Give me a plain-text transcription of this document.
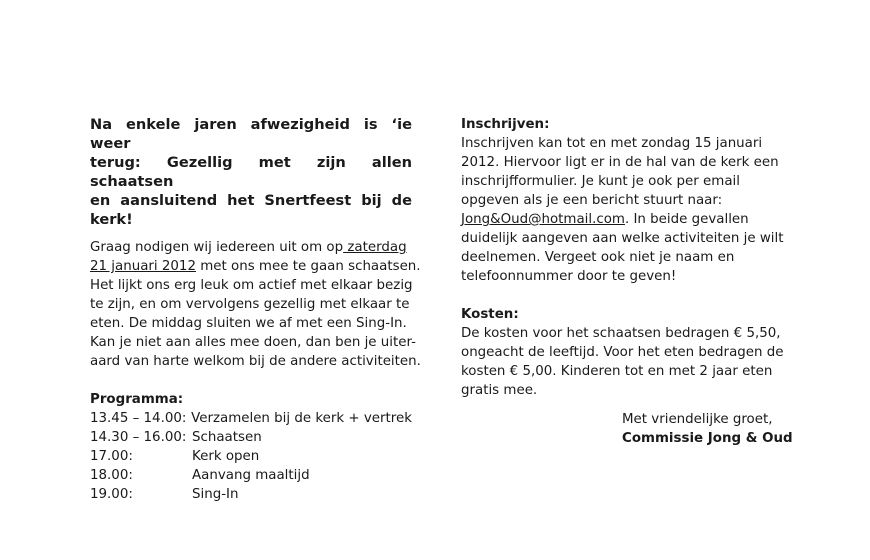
Na enkele jaren afwezigheid is ‘ie weer
terug: Gezellig met zijn allen schaatsen
en aansluitend het Snertfeest bij de kerk!
Graag nodigen wij iedereen uit om op zaterdag
21 januari 2012 met ons mee te gaan schaatsen.
Het lijkt ons erg leuk om actief met elkaar bezig
te zijn, en om vervolgens gezellig met elkaar te
eten. De middag sluiten we af met een Sing-In.
Kan je niet aan alles mee doen, dan ben je uiter-
aard van harte welkom bij de andere activiteiten.
Programma:
13.45 – 14.00: Verzamelen bij de kerk + vertrek
14.30 – 16.00: Schaatsen
17.00:	Kerk open
18.00:	Aanvang maaltijd
19.00:	Sing-In
Inschrijven:
Inschrijven kan tot en met zondag 15 januari
2012. Hiervoor ligt er in de hal van de kerk een
inschrijfformulier. Je kunt je ook per email
opgeven als je een bericht stuurt naar:
Jong&Oud@hotmail.com. In beide gevallen
duidelijk aangeven aan welke activiteiten je wilt
deelnemen. Vergeet ook niet je naam en
telefoonnummer door te geven!
Kosten:
De kosten voor het schaatsen bedragen € 5,50,
ongeacht de leeftijd. Voor het eten bedragen de
kosten € 5,00. Kinderen tot en met 2 jaar eten
gratis mee.
Met vriendelijke groet,
Commissie Jong & Oud
